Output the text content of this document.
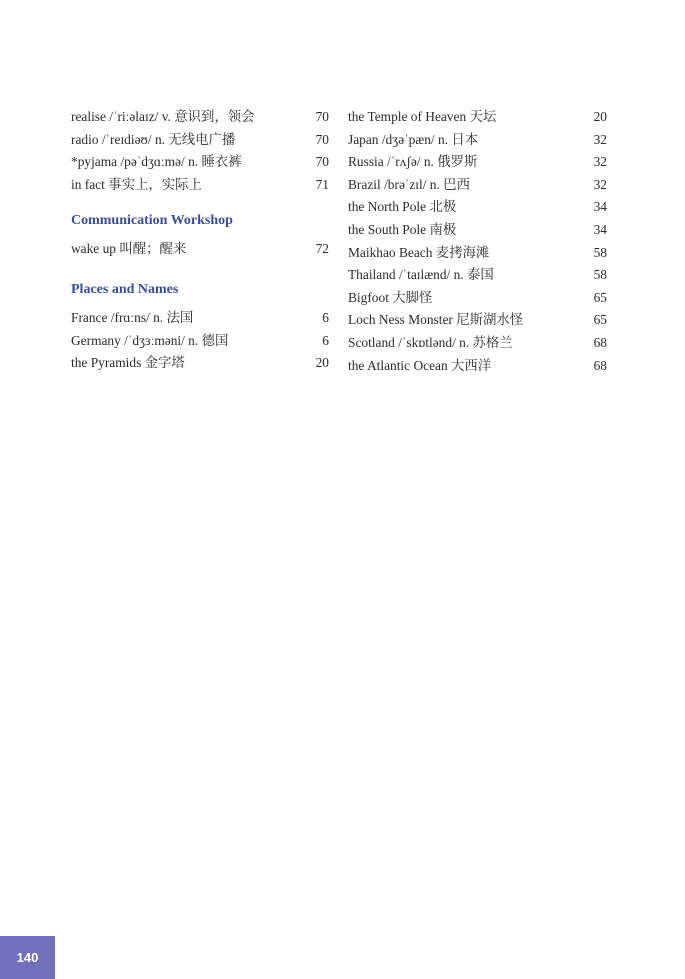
realise /ˈriːəlaɪz/ v. 意识到，领会	70
radio /ˈreɪdiəʊ/ n. 无线电广播	70
*pyjama /pəˈdʒɑːmə/ n. 睡衣裤	70
in fact 事实上，实际上	71
Communication Workshop
wake up 叫醒；醒来	72
Places and Names
France /frɑːns/ n. 法国	6
Germany /ˈdʒɜːməni/ n. 德国	6
the Pyramids 金字塔	20
the Temple of Heaven 天坛	20
Japan /dʒəˈpæn/ n. 日本	32
Russia /ˈrʌʃə/ n. 俄罗斯	32
Brazil /brəˈzɪl/ n. 巴西	32
the North Pole 北极	34
the South Pole 南极	34
Maikhao Beach 麦拷海滩	58
Thailand /ˈtaɪlænd/ n. 泰国	58
Bigfoot 大脚怪	65
Loch Ness Monster 尼斯湖水怪	65
Scotland /ˈskɒtlənd/ n. 苏格兰	68
the Atlantic Ocean 大西洋	68
140
